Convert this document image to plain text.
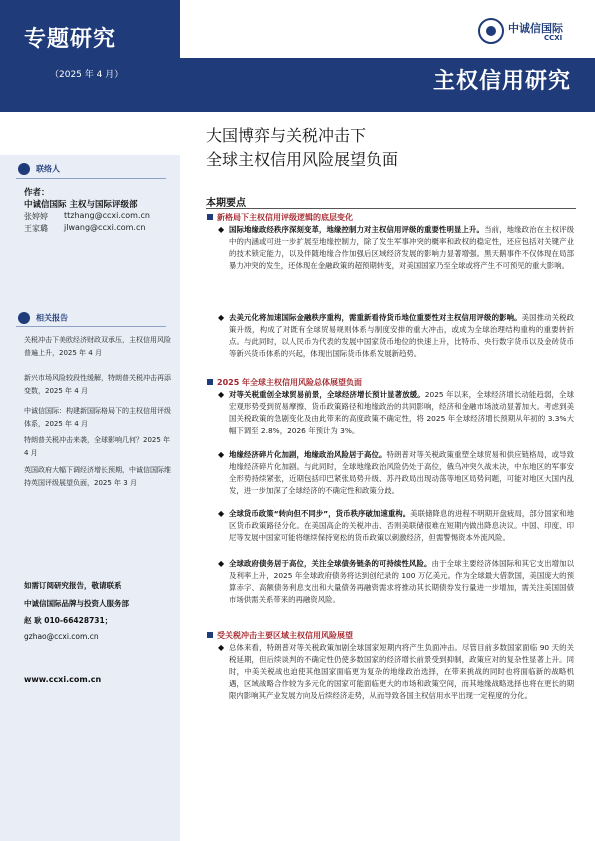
专题研究
（2025 年 4 月）	主权信用研究
中诚信国际
CCXI
大国博弈与关税冲击下
全球主权信用风险展望负面
联络人
作者：
中诚信国际 主权与国际评级部
张婷婷 ttzhang@ccxi.com.cn
王家璐 jlwang@ccxi.com.cn
相关报告
关税冲击下美欧经济财政双承压，主权信用风险普遍上升，2025 年 4 月
新兴市场风险较段性缓解，特朗普关税冲击再添变数，2025 年 4 月
中诚信国际：构建新国际格局下的主权信用评级体系，2025 年 4 月
特朗普关税冲击来袭，全球影响几何？2025 年 4 月
英国政府大幅下调经济增长预期，中诚信国际维持英国评级展望负面，2025 年 3 月
如需订阅研究报告，敬请联系
中诚信国际品牌与投资人服务部
赵 耿 010-66428731；
gzhao@ccxi.com.cn
www.ccxi.com.cn
本期要点
新格局下主权信用评级逻辑的底层变化
◆ 国际地缘政经秩序深刻变革，地缘控制力对主权信用评级的重要性明显上升。当前，地缘政治在主权评级中的内涵或可进一步扩展至地缘控制力，除了发生军事冲突的概率和政权的稳定性，还应包括对关键产业的技术锁定能力，以及伴随地缘合作加强后区域经济发展的影响力显著增强。黑天鹅事件不仅体现在局部暴力冲突的发生，还体现在金融政策的超预期转变，对美国国家乃至全球或将产生不可预见的重大影响。
◆ 去美元化将加速国际金融秩序重构，需重新看待货币地位重要性对主权信用评级的影响。美国推动关税政策升级，构成了对既有全球贸易规则体系与制度安排的重大冲击，或成为全球治理结构重构的重要转折点。与此同时，以人民币为代表的发展中国家货币地位的快速上升，比特币、央行数字货币以及金砖货币等新兴货币体系的兴起，体现出国际货币体系发展新趋势。
2025 年全球主权信用风险总体展望负面
◆ 对等关税重创全球贸易前景，全球经济增长预计显著放缓。2025 年以来，全球经济增长动能趋弱，全球宏观形势受到贸易摩擦、货币政策路径和地缘政治的共同影响，经济和金融市场波动显著加大。考虑到美国关税政策的急剧变化及由此带来的高度政策不确定性，将 2025 年全球经济增长预期从年初的 3.3%大幅下调至 2.8%，2026 年预计为 3%。
◆ 地缘经济碎片化加剧，地缘政治风险居于高位。特朗普对等关税政策重塑全球贸易和供应链格局，或导致地缘经济碎片化加剧。与此同时，全球地缘政治风险仍处于高位，俄乌冲突久战未决，中东地区的军事安全形势持续紧张，近期包括印巴紧张局势升级、苏丹政局出现动荡等地区局势问题，可能对地区大国内乱发，进一步加深了全球经济的不确定性和政策分歧。
◆ 全球货币政策“转向但不同步”，货币秩序破加速重构。美联储降息的进程不明期开盘疲局，部分国家和地区货币政策路径分化。在美国高企的关税冲击、否则美联储很难在短期内做出降息决议。中国、印度、印尼等发展中国家可能将继续保持宽松的货币政策以刺激经济，但需警惕资本外流风险。
◆ 全球政府债务居于高位，关注全球债务链条的可持续性风险。由于全球主要经济体国际和其它支出增加以及利率上升，2025 年全球政府债务将达到创纪录的 100 万亿美元。作为全球最大借款国，美国庞大的预算赤字、高额债务利息支出和大量债务再融资需求将推动其长期债券发行量进一步增加，需关注美国国债市场供需关系带来的再融资风险。
受关税冲击主要区域主权信用风险展望
◆ 总体来看，特朗普对等关税政策加剧全球国家短期内将产生负面冲击。尽管目前多数国家面临 90 天的关税延期，但后续谈判的不确定性仍使多数国家的经济增长前景受到抑制，政策应对的复杂性显著上升。同时，中美关税战也迫使其他国家面临更为复杂的地缘政治选择，在带来挑战的同时也将面临新的战略机遇，区域战略合作较为多元化的国家可能面临更大的市场和政策空间，而其地缘战略选择也将在更长的期限内影响其产业发展方向及后续经济走势，从而导致各国主权信用水平出现一定程度的分化。
